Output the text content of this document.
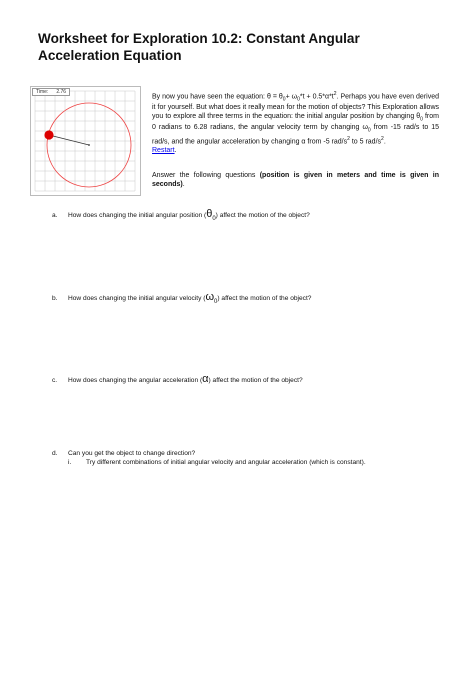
Worksheet for Exploration 10.2: Constant Angular Acceleration Equation
Time: 2.76
By now you have seen the equation: $\theta = \theta_0+ \omega_0*t + 0.5*\alpha*t^2$. Perhaps you have even derived it for yourself. But what does it really mean for the motion of objects? This Exploration allows you to explore all three terms in the equation: the initial angular position by changing $\theta_0$ from 0 radians to 6.28 radians, the angular velocity term by changing $\omega_0$ from -15 rad/s to 15 rad/s, and the angular acceleration by changing α from -5 rad/$s^2$ to 5 rad/$s^2$.
Restart.
Answer the following questions (position is given in meters and time is given in seconds).
a. How does changing the initial angular position $(\theta_0)$ affect the motion of the object?
b. How does changing the initial angular velocity $(\omega_0)$ affect the motion of the object?
c. How does changing the angular acceleration (α) affect the motion of the object?
d. Can you get the object to change direction?
i. Try different combinations of initial angular velocity and angular acceleration (which is constant).
